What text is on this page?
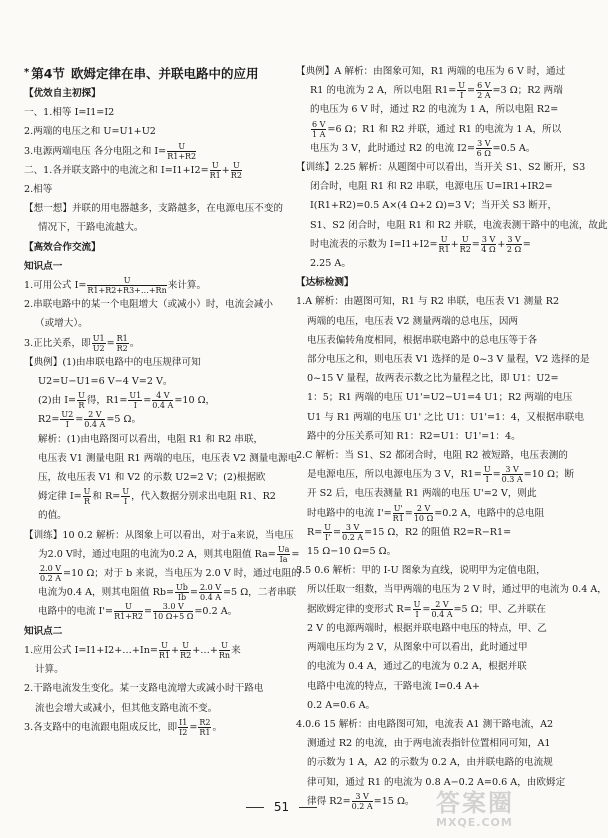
* 第4节 欧姆定律在串、并联电路中的应用
【优效自主初探】
一、1.相等 I=I1=I2
2.两端的电压之和 U=U1+U2
3.电源两端电压 各分电阻之和 $I= \frac{U}{R1+R2}$
二、1.各并联支路中的电流之和 $I=I1+I2= \frac{U}{R1} + \frac{U}{R2}$
2.相等
【想一想】并联的用电器越多，支路越多，在电源电压不变的
情况下，干路电流越大。
【高效合作交流】
知识点一
1.可用公式 $I= \frac{U}{R1+R2+R3+\dots+Rn}$ 来计算。
2.串联电路中的某一个电阻增大（或减小）时，电流会减小
（或增大）。
3.正比关系，即 $\frac{U1}{U2} = \frac{R1}{R2}$ 。
【典例】(1)由串联电路中的电压规律可知
U2=U−U1=6 V−4 V=2 V。
(2)由 $I= \frac{U}{R}$ 得，$R1= \frac{U1}{I} = \frac{4 V}{0.4 A} =10$ Ω，
$R2= \frac{U2}{I} = \frac{2 V}{0.4 A} =5$ Ω。
解析：(1)由电路图可以看出，电阻 R1 和 R2 串联，
电压表 V1 测量电阻 R1 两端的电压，电压表 V2 测量电源电
压，故电压表 V1 和 V2 的示数 U2=2 V；(2)根据欧
姆定律 $I= \frac{U}{R}$ 和 $R= \frac{U}{I}$ ，代入数据分别求出电阻 R1、R2
的值。
【训练】10 0.2 解析：从图象上可以看出，对于a来说，当电压
为2.0 V时，通过电阻的电流为0.2 A，则其电阻值 $Ra= \frac{Ua}{Ia}$ =
$\frac{2.0 V}{0.2 A} =10$ Ω；对于 b 来说，当电压为 2.0 V 时，通过电阻的
电流为0.4 A，则其电阻值 $Rb= \frac{Ub}{Ib} = \frac{2.0 V}{0.4 A} =5$ Ω，二者串联
电路中的电流 $I'= \frac{U}{R1+R2} = \frac{3.0 V}{10 \Omega+5 \Omega} =0.2$ A。
知识点二
1.应用公式 I=I1+I2+…+In= $\frac{U}{R1} + \frac{U}{R2}$ +…+ $\frac{U}{Rn}$ 来
计算。
2.干路电流发生变化。某一支路电流增大或减小时干路电
流也会增大或减小，但其他支路电流不变。
3.各支路中的电流跟电阻成反比，即 $\frac{I1}{I2} = \frac{R2}{R1}$ 。
【典例】A 解析：由图象可知，R1 两端的电压为 6 V 时，通过
R1 的电流为 2 A，所以电阻 $R1= \frac{U}{I} = \frac{6 V}{2 A} =3$ Ω；R2 两端
的电压为 6 V 时，通过 R2 的电流为 1 A，所以电阻 R2=
$\frac{6 V}{1 A} =6$ Ω；R1 和 R2 并联，通过 R1 的电流为 1 A，所以
电压为 3 V，此时通过 R2 的电流 $I2= \frac{3 V}{6 \Omega} =0.5$ A。
【训练】2.25 解析：从题图中可以看出，当开关 S1、S2 断开，S3
闭合时，电阻 R1 和 R2 串联，电源电压 U=IR1+IR2=
I(R1+R2)=0.5 A×(4 Ω+2 Ω)=3 V；当开关 S3 断开，
S1、S2 闭合时，电阻 R1 和 R2 并联，电流表测干路中的电流，故此
时电流表的示数为 $I=I1+I2= \frac{U}{R1} + \frac{U}{R2} = \frac{3 V}{4 \Omega} + \frac{3 V}{2 \Omega}$ =
2.25 A。
【达标检测】
1.A 解析：由题图可知，R1 与 R2 串联，电压表 V1 测量 R2
两端的电压，电压表 V2 测量两端的总电压，因两
电压表偏转角度相同，根据串联电路中的总电压等于各
部分电压之和，则电压表 V1 选择的是 0~3 V 量程，V2 选择的是
0~15 V 量程，故两表示数之比为量程之比，即 U1：U2=
1：5；R1 两端的电压 U1'=U2−U1=4 U1；R2 两端的电压
U1 与 R1 两端的电压 U1' 之比 U1：U1'=1：4，又根据串联电
路中的分压关系可知 R1：R2=U1：U1'=1：4。
2.C 解析：当 S1、S2 都闭合时，电阻 R2 被短路，电压表测的
是电源电压，所以电源电压为 3 V，$R1= \frac{U}{I} = \frac{3 V}{0.3 A} =10$ Ω；断
开 S2 后，电压表测量 R1 两端的电压 U'=2 V，则此
时电路中的电流 $I'= \frac{U'}{R1} = \frac{2 V}{10 \Omega} =0.2$ A，电路中的总电阻
$R= \frac{U}{I'} = \frac{3 V}{0.2 A} =15$ Ω，R2 的阻值 R2=R−R1=
15 Ω−10 Ω=5 Ω。
3.5 0.6 解析：甲的 I-U 图象为直线，说明甲为定值电阻，
所以任取一组数，当甲两端的电压为 2 V 时，通过甲的电流为 0.4 A，
据欧姆定律的变形式 $R= \frac{U}{I} = \frac{2 V}{0.4 A} =5$ Ω；甲、乙并联在
2 V 的电源两端时，根据并联电路中电压的特点，甲、乙
两端电压均为 2 V，从图象中可以看出，此时通过甲
的电流为 0.4 A，通过乙的电流为 0.2 A，根据并联
电路中电流的特点，干路电流 I=0.4 A+
0.2 A=0.6 A。
4.0.6 15 解析：由电路图可知，电流表 A1 测干路电流，A2
测通过 R2 的电流，由于两电流表指针位置相同可知，A1
的示数为 1 A，A2 的示数为 0.2 A，由并联电路的电流规
律可知，通过 R1 的电流为 0.8 A−0.2 A=0.6 A，由欧姆定
律得 $R2= \frac{3 V}{0.2 A} =15$ Ω。
51	答案圈
MXQE.COM
